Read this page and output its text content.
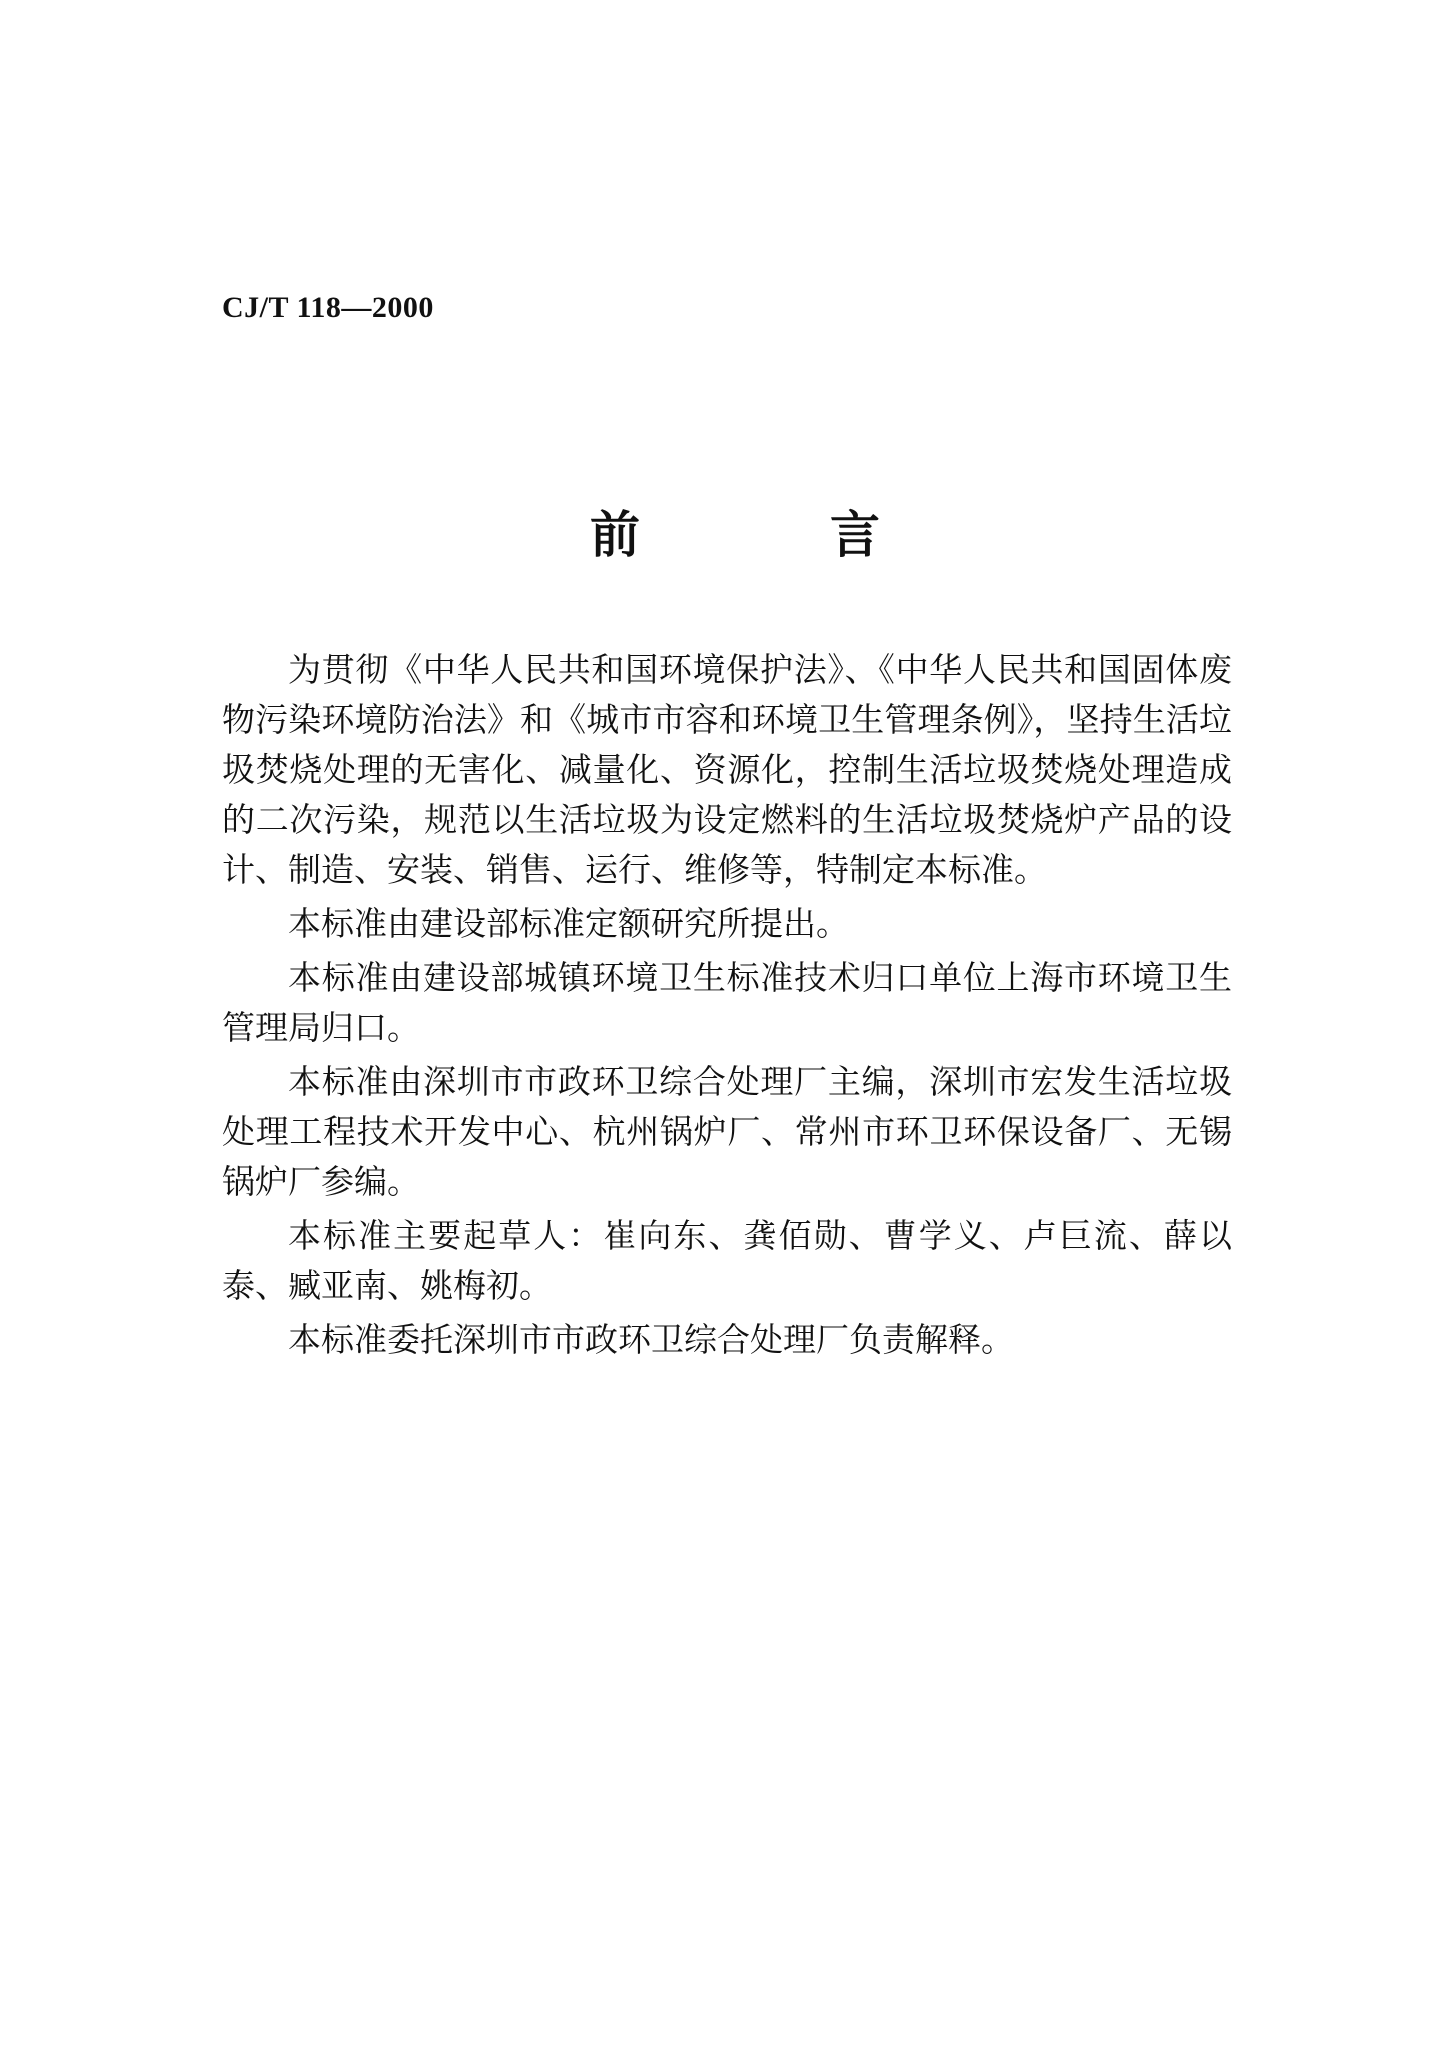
CJ/T 118—2000
前	言

为贯彻《中华人民共和国环境保护法》、《中华人民共和国固体废物污染环境防治法》和《城市市容和环境卫生管理条例》，坚持生活垃圾焚烧处理的无害化、减量化、资源化，控制生活垃圾焚烧处理造成的二次污染，规范以生活垃圾为设定燃料的生活垃圾焚烧炉产品的设计、制造、安装、销售、运行、维修等，特制定本标准。

本标准由建设部标准定额研究所提出。

本标准由建设部城镇环境卫生标准技术归口单位上海市环境卫生管理局归口。

本标准由深圳市市政环卫综合处理厂主编，深圳市宏发生活垃圾处理工程技术开发中心、杭州锅炉厂、常州市环卫环保设备厂、无锡锅炉厂参编。

本标准主要起草人：崔向东、龚佰勋、曹学义、卢巨流、薛以泰、臧亚南、姚梅初。

本标准委托深圳市市政环卫综合处理厂负责解释。
